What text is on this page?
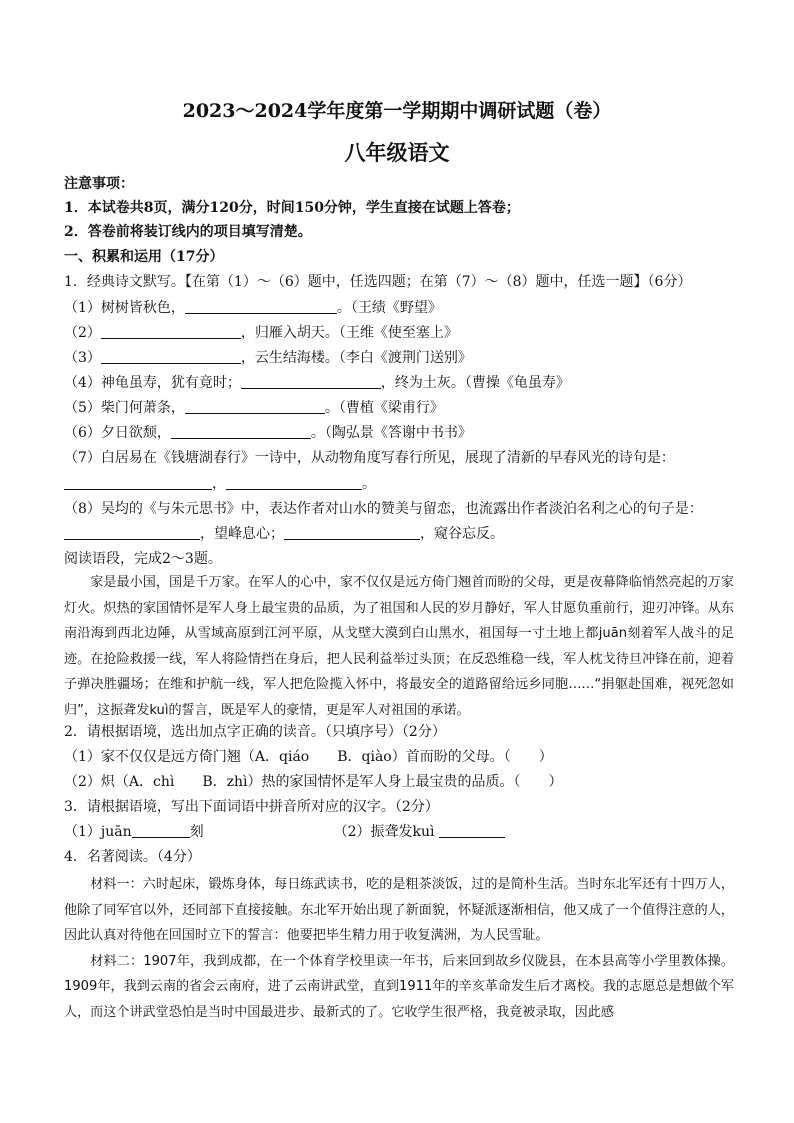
2023～2024学年度第一学期期中调研试题（卷）
八年级语文
注意事项：
1．本试卷共8页，满分120分，时间150分钟，学生直接在试题上答卷；
2．答卷前将装订线内的项目填写清楚。
一、积累和运用（17分）
1．经典诗文默写。【在第（1）～（6）题中，任选四题；在第（7）～（8）题中，任选一题】（6分）
（1）树树皆秋色，	。（王绩《野望》
（2）	，归雁入胡天。（王维《使至塞上》
（3）	，云生结海楼。（李白《渡荆门送别》
（4）神龟虽寿，犹有竟时；	，终为土灰。（曹操《龟虽寿》
（5）柴门何萧条，	。（曹植《梁甫行》
（6）夕日欲颓，	。（陶弘景《答谢中书书》
（7）白居易在《钱塘湖春行》一诗中，从动物角度写春行所见，展现了清新的早春风光的诗句是：
，	。
（8）吴均的《与朱元思书》中，表达作者对山水的赞美与留恋，也流露出作者淡泊名利之心的句子是：
，望峰息心；	，窥谷忘反。
阅读语段，完成2～3题。
家是最小国，国是千万家。在军人的心中，家不仅仅是远方倚门翘首而盼的父母，更是夜幕降临悄然亮起的万家灯火。炽热的家国情怀是军人身上最宝贵的品质，为了祖国和人民的岁月静好，军人甘愿负重前行，迎刃冲锋。从东南沿海到西北边陲，从雪域高原到江河平原，从戈壁大漠到白山黑水，祖国每一寸土地上都juān刻着军人战斗的足迹。在抢险救援一线，军人将险情挡在身后，把人民利益举过头顶；在反恐维稳一线，军人枕戈待旦冲锋在前，迎着子弹决胜疆场；在维和护航一线，军人把危险揽入怀中，将最安全的道路留给远乡同胞……“捐躯赴国难，视死忽如归”，这振聋发kuì的誓言，既是军人的豪情，更是军人对祖国的承诺。
2．请根据语境，选出加点字正确的读音。（只填序号）（2分）
（1）家不仅仅是远方倚门翘（A．qiáo　　B．qiào）首而盼的父母。（　　）
（2）炽（A．chì　　B．zhì）热的家国情怀是军人身上最宝贵的品质。（　　）
3．请根据语境，写出下面词语中拼音所对应的汉字。（2分）
（1）juān	刻	（2）振聋发kuì
4．名著阅读。（4分）
材料一：六时起床，锻炼身体，每日练武读书，吃的是粗茶淡饭，过的是简朴生活。当时东北军还有十四万人，他除了同军官以外，还同部下直接接触。东北军开始出现了新面貌，怀疑派逐渐相信，他又成了一个值得注意的人，因此认真对待他在回国时立下的誓言：他要把毕生精力用于收复满洲，为人民雪耻。
材料二：1907年，我到成都，在一个体育学校里读一年书，后来回到故乡仪陇县，在本县高等小学里教体操。1909年，我到云南的省会云南府，进了云南讲武堂，直到1911年的辛亥革命发生后才离校。我的志愿总是想做个军人，而这个讲武堂恐怕是当时中国最进步、最新式的了。它收学生很严格，我竟被录取，因此感
